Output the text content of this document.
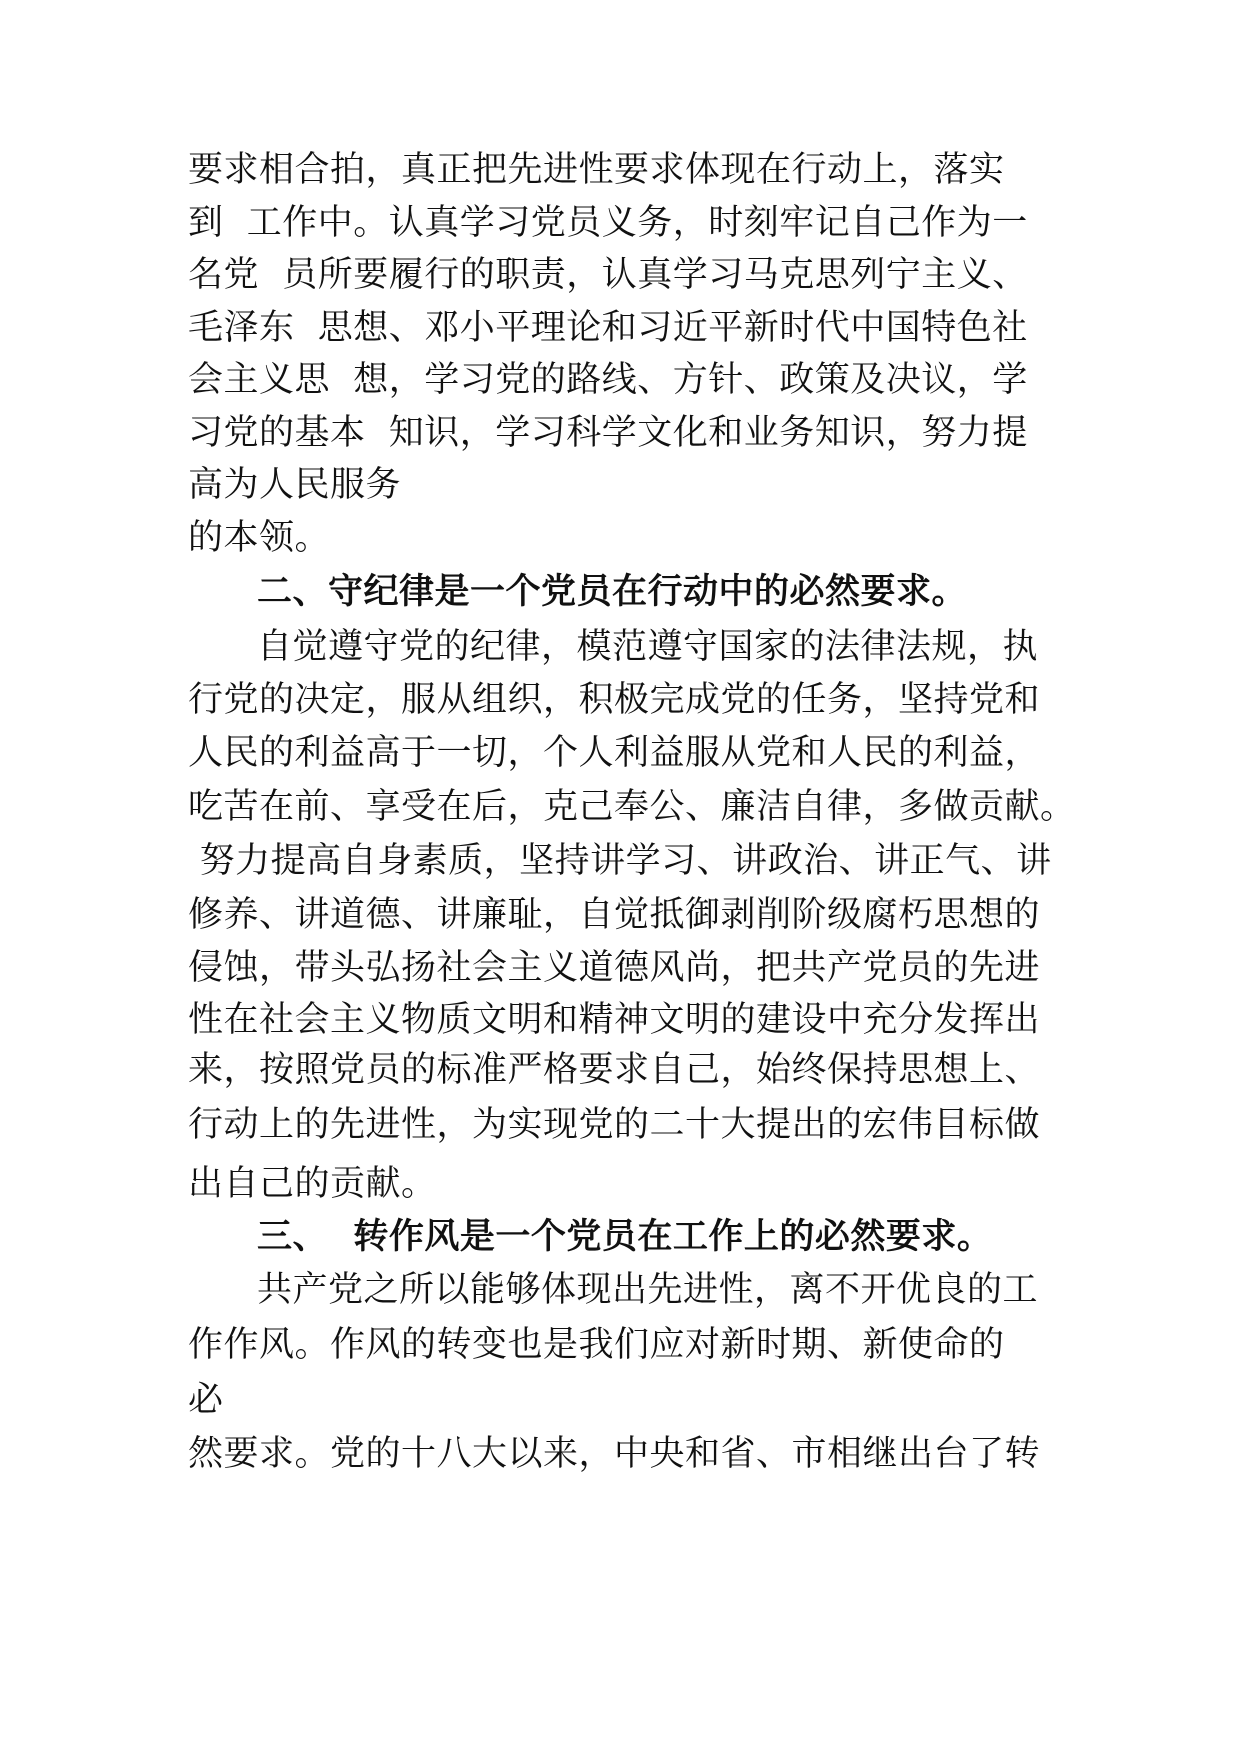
要求相合拍，真正把先进性要求体现在行动上，落实
到  工作中。认真学习党员义务，时刻牢记自己作为一
名党  员所要履行的职责，认真学习马克思列宁主义、
毛泽东  思想、邓小平理论和习近平新时代中国特色社
会主义思  想，学习党的路线、方针、政策及决议，学
习党的基本  知识，学习科学文化和业务知识，努力提
高为人民服务
的本领。
二、守纪律是一个党员在行动中的必然要求。
自觉遵守党的纪律，模范遵守国家的法律法规，执
行党的决定，服从组织，积极完成党的任务，坚持党和
人民的利益高于一切，个人利益服从党和人民的利益，
吃苦在前、享受在后，克己奉公、廉洁自律，多做贡献。
努力提高自身素质，坚持讲学习、讲政治、讲正气、讲
修养、讲道德、讲廉耻，自觉抵御剥削阶级腐朽思想的
侵蚀，带头弘扬社会主义道德风尚，把共产党员的先进
性在社会主义物质文明和精神文明的建设中充分发挥出
来，按照党员的标准严格要求自己，始终保持思想上、
行动上的先进性，为实现党的二十大提出的宏伟目标做
出自己的贡献。
三、  转作风是一个党员在工作上的必然要求。
共产党之所以能够体现出先进性，离不开优良的工
作作风。作风的转变也是我们应对新时期、新使命的
必
然要求。党的十八大以来，中央和省、市相继出台了转
